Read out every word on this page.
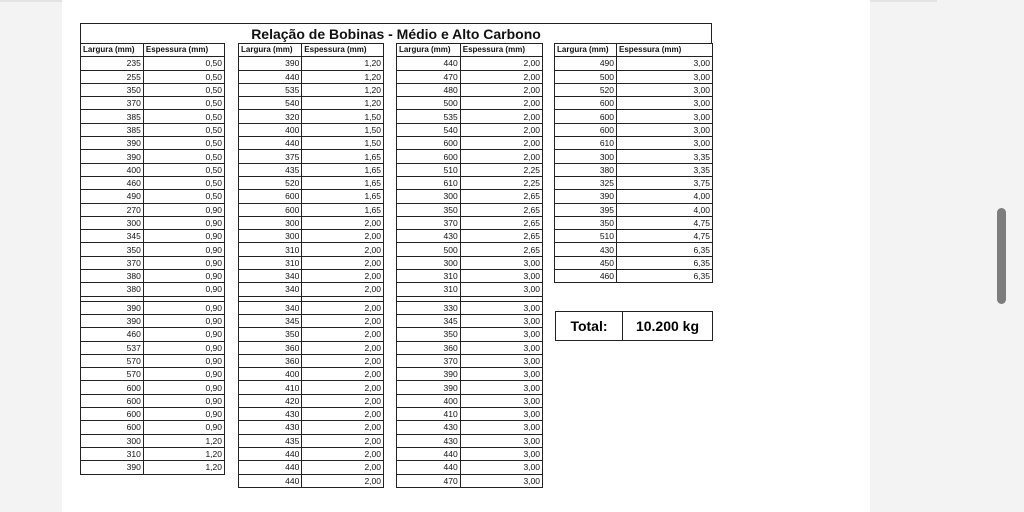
Relação de Bobinas - Médio e Alto Carbono
Largura (mm)	Espessura (mm)
235	0,50
255	0,50
350	0,50
370	0,50
385	0,50
385	0,50
390	0,50
390	0,50
400	0,50
460	0,50
490	0,50
270	0,90
300	0,90
345	0,90
350	0,90
370	0,90
380	0,90
380	0,90

390	0,90
390	0,90
460	0,90
537	0,90
570	0,90
570	0,90
600	0,90
600	0,90
600	0,90
600	0,90
300	1,20
310	1,20
390	1,20
Largura (mm)	Espessura (mm)
390	1,20
440	1,20
535	1,20
540	1,20
320	1,50
400	1,50
440	1,50
375	1,65
435	1,65
520	1,65
600	1,65
600	1,65
300	2,00
300	2,00
310	2,00
310	2,00
340	2,00
340	2,00

340	2,00
345	2,00
350	2,00
360	2,00
360	2,00
400	2,00
410	2,00
420	2,00
430	2,00
430	2,00
435	2,00
440	2,00
440	2,00
440	2,00
Largura (mm)	Espessura (mm)
440	2,00
470	2,00
480	2,00
500	2,00
535	2,00
540	2,00
600	2,00
600	2,00
510	2,25
610	2,25
300	2,65
350	2,65
370	2,65
430	2,65
500	2,65
300	3,00
310	3,00
310	3,00

330	3,00
345	3,00
350	3,00
360	3,00
370	3,00
390	3,00
390	3,00
400	3,00
410	3,00
430	3,00
430	3,00
440	3,00
440	3,00
470	3,00
Largura (mm)	Espessura (mm)
490	3,00
500	3,00
520	3,00
600	3,00
600	3,00
600	3,00
610	3,00
300	3,35
380	3,35
325	3,75
390	4,00
395	4,00
350	4,75
510	4,75
430	6,35
450	6,35
460	6,35
Total:	10.200 kg
